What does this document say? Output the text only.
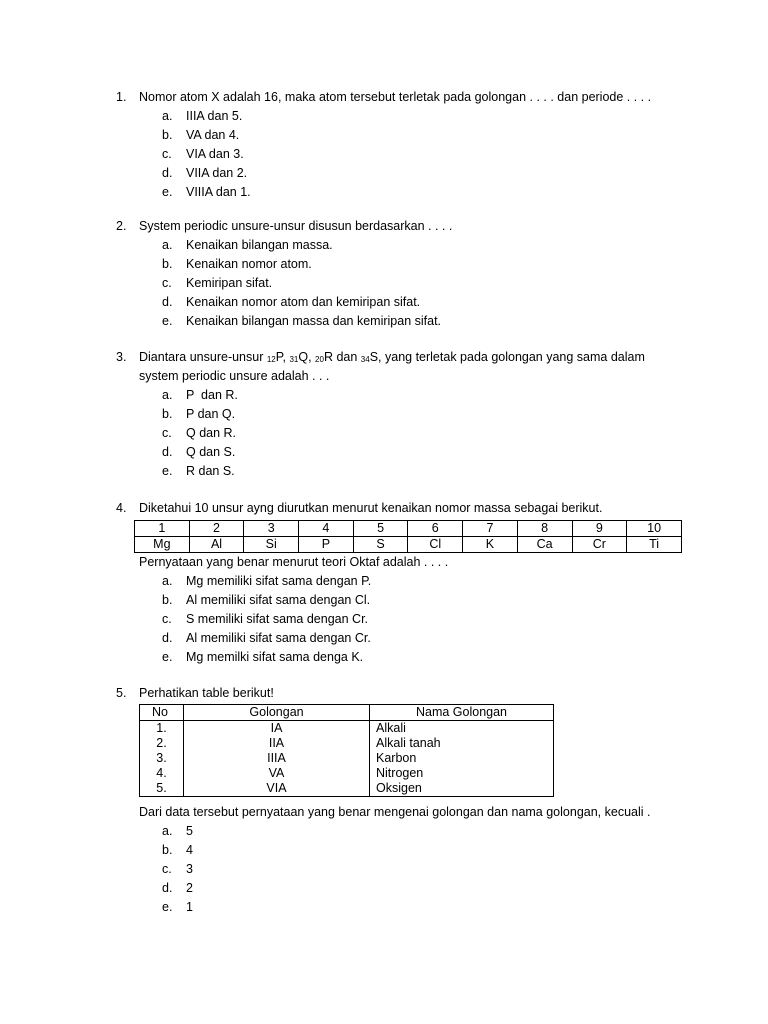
1. Nomor atom X adalah 16, maka atom tersebut terletak pada golongan . . . . dan periode . . . .
a. IIIA dan 5.
b. VA dan 4.
c. VIA dan 3.
d. VIIA dan 2.
e. VIIIA dan 1.
2. System periodic unsure-unsur disusun berdasarkan . . . .
a. Kenaikan bilangan massa.
b. Kenaikan nomor atom.
c. Kemiripan sifat.
d. Kenaikan nomor atom dan kemiripan sifat.
e. Kenaikan bilangan massa dan kemiripan sifat.
3. Diantara unsure-unsur $_{12}$P, $_{31}$Q, $_{20}$R dan $_{34}$S, yang terletak pada golongan yang sama dalam
system periodic unsure adalah . . .
a. P  dan R.
b. P dan Q.
c. Q dan R.
d. Q dan S.
e. R dan S.
4. Diketahui 10 unsur ayng diurutkan menurut kenaikan nomor massa sebagai berikut.
1	2	3	4	5	6	7	8	9	10
Mg	Al	Si	P	S	Cl	K	Ca	Cr	Ti
Pernyataan yang benar menurut teori Oktaf adalah . . . .
a. Mg memiliki sifat sama dengan P.
b. Al memiliki sifat sama dengan Cl.
c. S memiliki sifat sama dengan Cr.
d. Al memiliki sifat sama dengan Cr.
e. Mg memilki sifat sama denga K.
5. Perhatikan table berikut!
No	Golongan	Nama Golongan
1.	IA	Alkali
2.	IIA	Alkali tanah
3.	IIIA	Karbon
4.	VA	Nitrogen
5.	VIA	Oksigen
Dari data tersebut pernyataan yang benar mengenai golongan dan nama golongan, kecuali .
a. 5
b. 4
c. 3
d. 2
e. 1
